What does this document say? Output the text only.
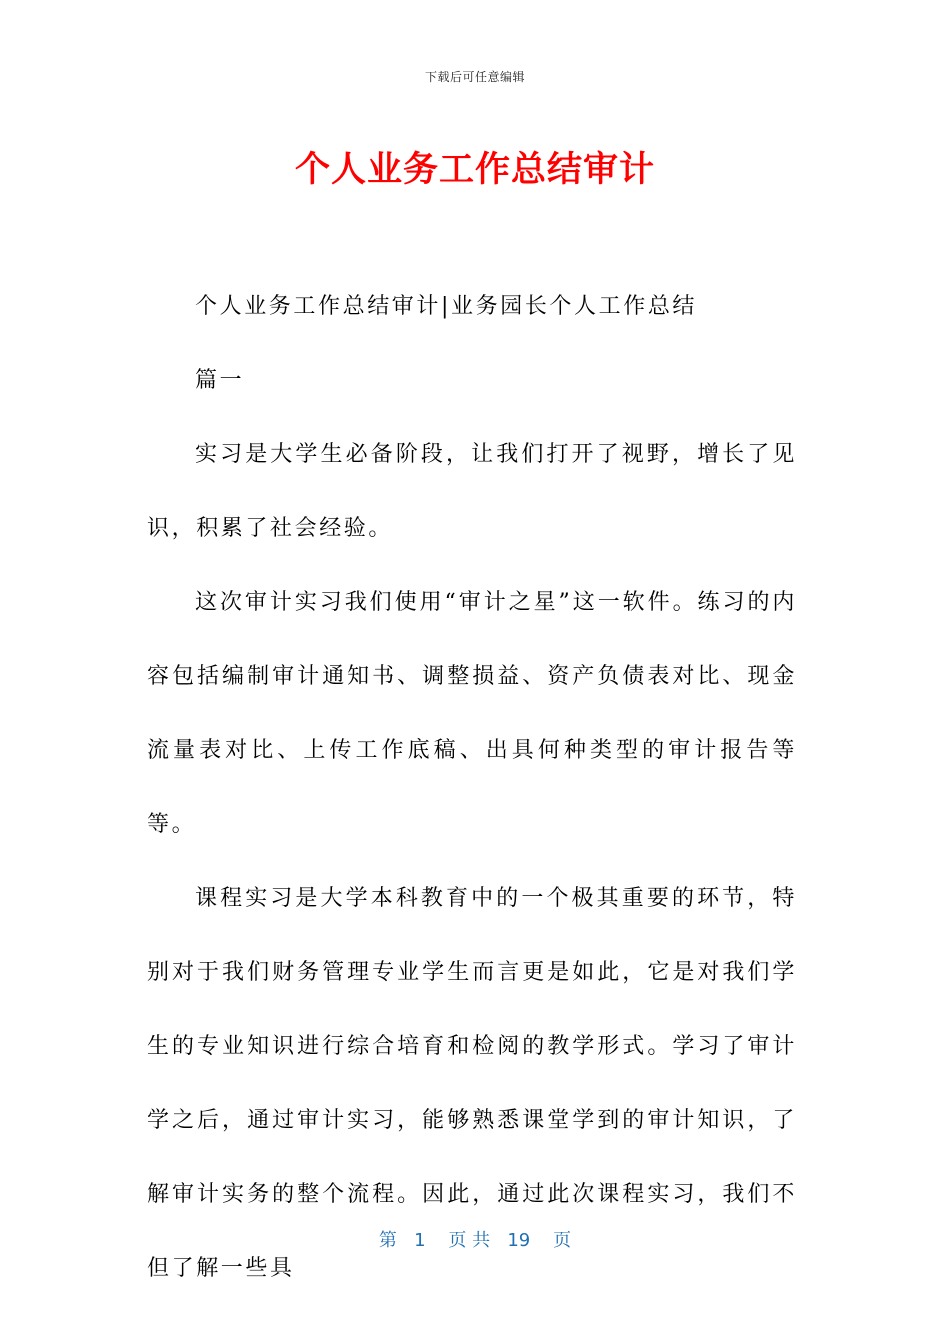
下载后可任意编辑
个人业务工作总结审计

个人业务工作总结审计|业务园长个人工作总结

篇一

实习是大学生必备阶段，让我们打开了视野，增长了见识，积累了社会经验。

这次审计实习我们使用“审计之星”这一软件。练习的内容包括编制审计通知书、调整损益、资产负债表对比、现金流量表对比、上传工作底稿、出具何种类型的审计报告等等。

课程实习是大学本科教育中的一个极其重要的环节，特别对于我们财务管理专业学生而言更是如此，它是对我们学生的专业知识进行综合培育和检阅的教学形式。学习了审计学之后，通过审计实习，能够熟悉课堂学到的审计知识，了解审计实务的整个流程。因此，通过此次课程实习，我们不但了解一些具

第 1 页 共 19 页
